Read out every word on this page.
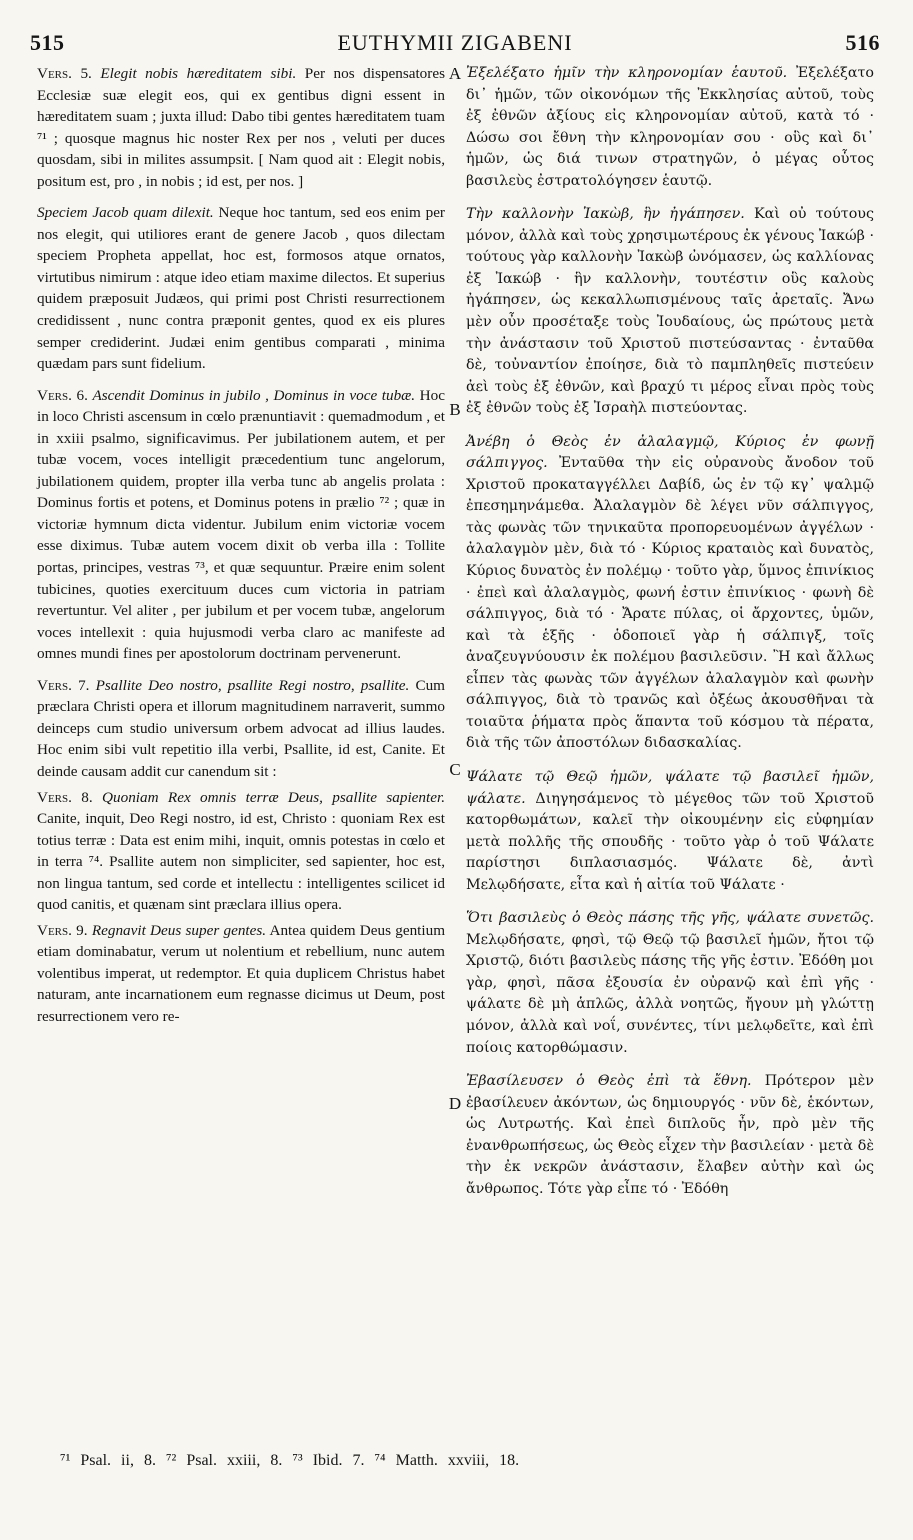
515	EUTHYMII ZIGABENI	516

Vers. 5. Elegit nobis hæreditatem sibi. Per nos dispensatores Ecclesiæ suæ elegit eos, qui ex gentibus digni essent in hæreditatem suam ; juxta illud: Dabo tibi gentes hæreditatem tuam ⁷¹ ; quosque magnus hic noster Rex per nos , veluti per duces quosdam, sibi in milites assumpsit. [ Nam quod ait : Elegit nobis, positum est, pro , in nobis ; id est, per nos. ]

Speciem Jacob quam dilexit. Neque hoc tantum, sed eos enim per nos elegit, qui utiliores erant de genere Jacob , quos dilectam speciem Propheta appellat, hoc est, formosos atque ornatos, virtutibus nimirum : atque ideo etiam maxime dilectos. Et superius quidem præposuit Judæos, qui primi post Christi resurrectionem credidissent , nunc contra præponit gentes, quod ex eis plures semper crediderint. Judæi enim gentibus comparati , minima quædam pars sunt fidelium.

Vers. 6. Ascendit Dominus in jubilo , Dominus in voce tubæ. Hoc in loco Christi ascensum in cœlo prænuntiavit : quemadmodum , et in xxiii psalmo, significavimus. Per jubilationem autem, et per tubæ vocem, voces intelligit præcedentium tunc angelorum, jubilationem quidem, propter illa verba tunc ab angelis prolata : Dominus fortis et potens, et Dominus potens in prælio ⁷² ; quæ in victoriæ hymnum dicta videntur. Jubilum enim victoriæ vocem esse diximus. Tubæ autem vocem dixit ob verba illa : Tollite portas, principes, vestras ⁷³, et quæ sequuntur. Præire enim solent tubicines, quoties exercituum duces cum victoria in patriam revertuntur. Vel aliter , per jubilum et per vocem tubæ, angelorum voces intellexit : quia hujusmodi verba claro ac manifeste ad omnes mundi fines per apostolorum doctrinam pervenerunt.

Vers. 7. Psallite Deo nostro, psallite Regi nostro, psallite. Cum præclara Christi opera et illorum magnitudinem narraverit, summo deinceps cum studio universum orbem advocat ad illius laudes. Hoc enim sibi vult repetitio illa verbi, Psallite, id est, Canite. Et deinde causam addit cur canendum sit :

Vers. 8. Quoniam Rex omnis terræ Deus, psallite sapienter. Canite, inquit, Deo Regi nostro, id est, Christo : quoniam Rex est totius terræ : Data est enim mihi, inquit, omnis potestas in cœlo et in terra ⁷⁴. Psallite autem non simpliciter, sed sapienter, hoc est, non lingua tantum, sed corde et intellectu : intelligentes scilicet id quod canitis, et quænam sint præclara illius opera.

Vers. 9. Regnavit Deus super gentes. Antea quidem Deus gentium etiam dominabatur, verum ut nolentium et rebellium, nunc autem volentibus imperat, ut redemptor. Et quia duplicem Christus habet naturam, ante incarnationem eum regnasse dicimus ut Deum, post resurrectionem vero re-

A
B
C
D

Ἐξελέξατο ἡμῖν τὴν κληρονομίαν ἑαυτοῦ. Ἐξελέξατο δι᾽ ἡμῶν, τῶν οἰκονόμων τῆς Ἐκκλησίας αὐτοῦ, τοὺς ἐξ ἐθνῶν ἀξίους εἰς κληρονομίαν αὐτοῦ, κατὰ τό · Δώσω σοι ἔθνη τὴν κληρονομίαν σου · οὓς καὶ δι᾽ ἡμῶν, ὡς διά τινων στρατηγῶν, ὁ μέγας οὗτος βασιλεὺς ἐστρατολόγησεν ἑαυτῷ.

Τὴν καλλονὴν Ἰακὼβ, ἣν ἠγάπησεν. Καὶ οὐ τούτους μόνον, ἀλλὰ καὶ τοὺς χρησιμωτέρους ἐκ γένους Ἰακώβ · τούτους γὰρ καλλονὴν Ἰακὼβ ὠνόμασεν, ὡς καλλίονας ἐξ Ἰακώβ · ἣν καλλονὴν, τουτέστιν οὓς καλοὺς ἠγάπησεν, ὡς κεκαλλωπισμένους ταῖς ἀρεταῖς. Ἄνω μὲν οὖν προσέταξε τοὺς Ἰουδαίους, ὡς πρώτους μετὰ τὴν ἀνάστασιν τοῦ Χριστοῦ πιστεύσαντας · ἐνταῦθα δὲ, τοὐναντίον ἐποίησε, διὰ τὸ παμπληθεῖς πιστεύειν ἀεὶ τοὺς ἐξ ἐθνῶν, καὶ βραχύ τι μέρος εἶναι πρὸς τοὺς ἐξ ἐθνῶν τοὺς ἐξ Ἰσραὴλ πιστεύοντας.

Ἀνέβη ὁ Θεὸς ἐν ἀλαλαγμῷ, Κύριος ἐν φωνῇ σάλπιγγος. Ἐνταῦθα τὴν εἰς οὐρανοὺς ἄνοδον τοῦ Χριστοῦ προκαταγγέλλει Δαβίδ, ὡς ἐν τῷ κγ᾽ ψαλμῷ ἐπεσημηνάμεθα. Ἀλαλαγμὸν δὲ λέγει νῦν σάλπιγγος, τὰς φωνὰς τῶν τηνικαῦτα προπορευομένων ἀγγέλων · ἀλαλαγμὸν μὲν, διὰ τό · Κύριος κραταιὸς καὶ δυνατὸς, Κύριος δυνατὸς ἐν πολέμῳ · τοῦτο γὰρ, ὕμνος ἐπινίκιος · ἐπεὶ καὶ ἀλαλαγμὸς, φωνή ἐστιν ἐπινίκιος · φωνὴ δὲ σάλπιγγος, διὰ τό · Ἄρατε πύλας, οἱ ἄρχοντες, ὑμῶν, καὶ τὰ ἑξῆς · ὁδοποιεῖ γὰρ ἡ σάλπιγξ, τοῖς ἀναζευγνύουσιν ἐκ πολέμου βασιλεῦσιν. Ἢ καὶ ἄλλως εἶπεν τὰς φωνὰς τῶν ἀγγέλων ἀλαλαγμὸν καὶ φωνὴν σάλπιγγος, διὰ τὸ τρανῶς καὶ ὀξέως ἀκουσθῆναι τὰ τοιαῦτα ῥήματα πρὸς ἅπαντα τοῦ κόσμου τὰ πέρατα, διὰ τῆς τῶν ἀποστόλων διδασκαλίας.

Ψάλατε τῷ Θεῷ ἡμῶν, ψάλατε τῷ βασιλεῖ ἡμῶν, ψάλατε. Διηγησάμενος τὸ μέγεθος τῶν τοῦ Χριστοῦ κατορθωμάτων, καλεῖ τὴν οἰκουμένην εἰς εὐφημίαν μετὰ πολλῆς τῆς σπουδῆς · τοῦτο γὰρ ὁ τοῦ Ψάλατε παρίστησι διπλασιασμός. Ψάλατε δὲ, ἀντὶ Μελῳδήσατε, εἶτα καὶ ἡ αἰτία τοῦ Ψάλατε ·

Ὅτι βασιλεὺς ὁ Θεὸς πάσης τῆς γῆς, ψάλατε συνετῶς. Μελῳδήσατε, φησὶ, τῷ Θεῷ τῷ βασιλεῖ ἡμῶν, ἤτοι τῷ Χριστῷ, διότι βασιλεὺς πάσης τῆς γῆς ἐστιν. Ἐδόθη μοι γὰρ, φησὶ, πᾶσα ἐξουσία ἐν οὐρανῷ καὶ ἐπὶ γῆς · ψάλατε δὲ μὴ ἁπλῶς, ἀλλὰ νοητῶς, ἤγουν μὴ γλώττῃ μόνον, ἀλλὰ καὶ νοΐ, συνέντες, τίνι μελῳδεῖτε, καὶ ἐπὶ ποίοις κατορθώμασιν.

Ἐβασίλευσεν ὁ Θεὸς ἐπὶ τὰ ἔθνη. Πρότερον μὲν ἐβασίλευεν ἀκόντων, ὡς δημιουργός · νῦν δὲ, ἑκόντων, ὡς Λυτρωτής. Καὶ ἐπεὶ διπλοῦς ἦν, πρὸ μὲν τῆς ἐνανθρωπήσεως, ὡς Θεὸς εἶχεν τὴν βασιλείαν · μετὰ δὲ τὴν ἐκ νεκρῶν ἀνάστασιν, ἔλαβεν αὐτὴν καὶ ὡς ἄνθρωπος. Τότε γὰρ εἶπε τό · Ἐδόθη

⁷¹ Psal. ii, 8. ⁷² Psal. xxiii, 8. ⁷³ Ibid. 7. ⁷⁴ Matth. xxviii, 18.
